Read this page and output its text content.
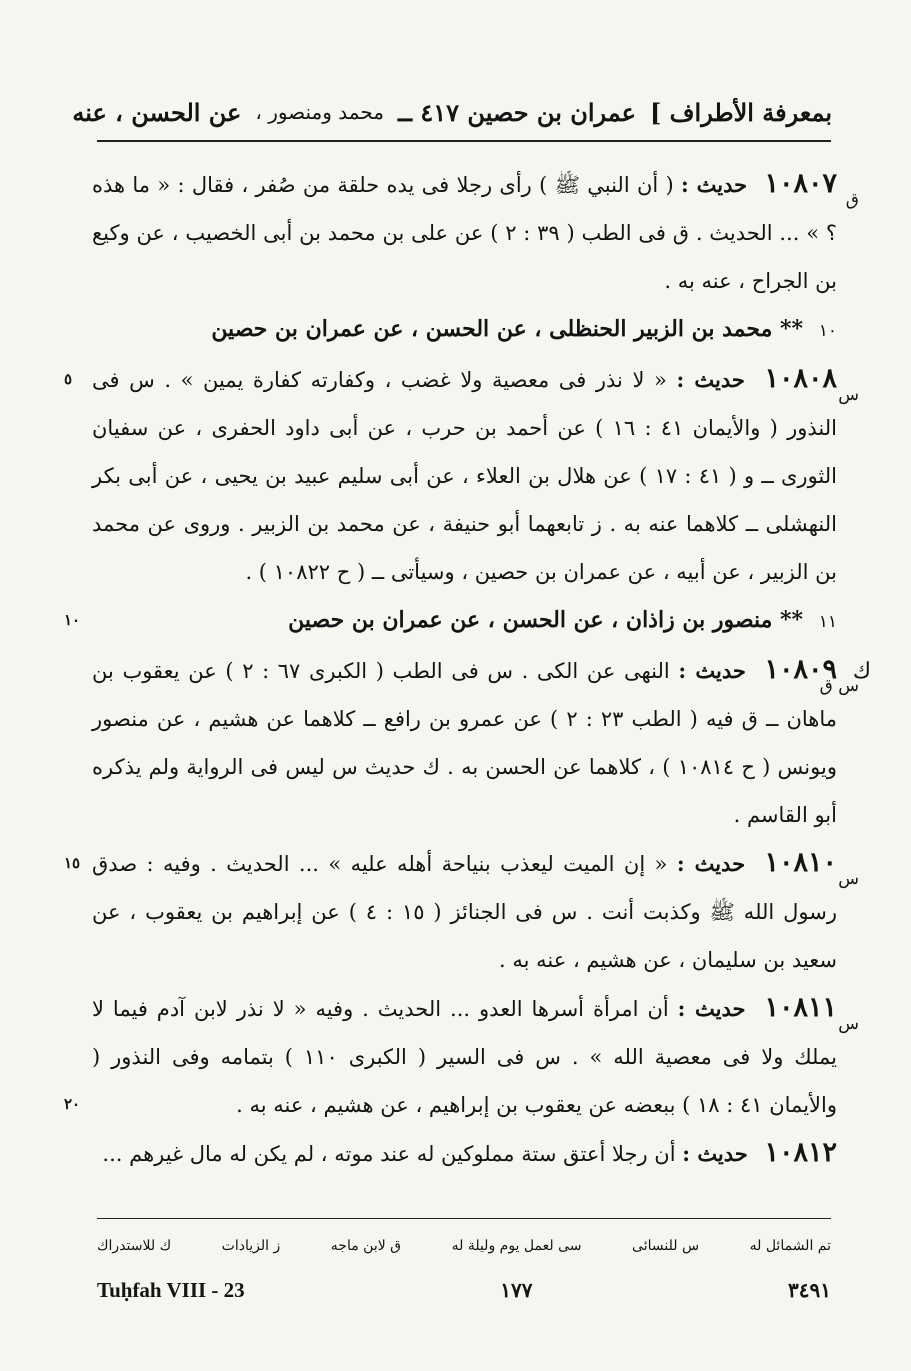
بمعرفة الأطراف ]
عمران بن حصين ٤١٧ ــ
محمد ومنصور ،
عن الحسن ، عنه
ق

١٠٨٠٧ حديث : ( أن النبي ﷺ ) رأى رجلا فى يده حلقة من صُفر ، فقال : « ما هذه ؟ » ... الحديث . ق فى الطب ( ٣٩ : ٢ ) عن على بن محمد بن أبى الخصيب ، عن وكيع بن الجراح ، عنه به .

١٠ ** محمد بن الزبير الحنظلى ، عن الحسن ، عن عمران بن حصين
س
٥	١٠٨٠٨ حديث : « لا نذر فى معصية ولا غضب ، وكفارته كفارة يمين » . س فى النذور ( والأيمان ٤١ : ١٦ ) عن أحمد بن حرب ، عن أبى داود الحفرى ، عن سفيان الثورى ــ و ( ٤١ : ١٧ ) عن هلال بن العلاء ، عن أبى سليم عبيد بن يحيى ، عن أبى بكر النهشلى ــ كلاهما عنه به . ز تابعهما أبو حنيفة ، عن محمد بن الزبير . وروى عن محمد بن الزبير ، عن أبيه ، عن عمران بن حصين ، وسيأتى ــ ( ح ١٠٨٢٢ ) .

١٠	١١ ** منصور بن زاذان ، عن الحسن ، عن عمران بن حصين
ك
س ق

١٠٨٠٩ حديث : النهى عن الكى . س فى الطب ( الكبرى ٦٧ : ٢ ) عن يعقوب بن ماهان ــ ق فيه ( الطب ٢٣ : ٢ ) عن عمرو بن رافع ــ كلاهما عن هشيم ، عن منصور ويونس ( ح ١٠٨١٤ ) ، كلاهما عن الحسن به . ك حديث س ليس فى الرواية ولم يذكره أبو القاسم .

س
١٥	١٠٨١٠ حديث : « إن الميت ليعذب بنياحة أهله عليه » ... الحديث . وفيه : صدق رسول الله ﷺ وكذبت أنت . س فى الجنائز ( ١٥ : ٤ ) عن إبراهيم بن يعقوب ، عن سعيد بن سليمان ، عن هشيم ، عنه به .

س
٢٠

١٠٨١١ حديث : أن امرأة أسرها العدو ... الحديث . وفيه « لا نذر لابن آدم فيما لا يملك ولا فى معصية الله » . س فى السير ( الكبرى ١١٠ ) بتمامه وفى النذور ( والأيمان ٤١ : ١٨ ) ببعضه عن يعقوب بن إبراهيم ، عن هشيم ، عنه به .

١٠٨١٢ حديث : أن رجلا أعتق ستة مملوكين له عند موته ، لم يكن له مال غيرهم ...

تم الشمائل له
س للنسائى
سى لعمل يوم وليلة له
ق لابن ماجه
ز الزيادات
ك للاستدراك
Tuḥfah VIII - 23	١٧٧	٣٤٩١
